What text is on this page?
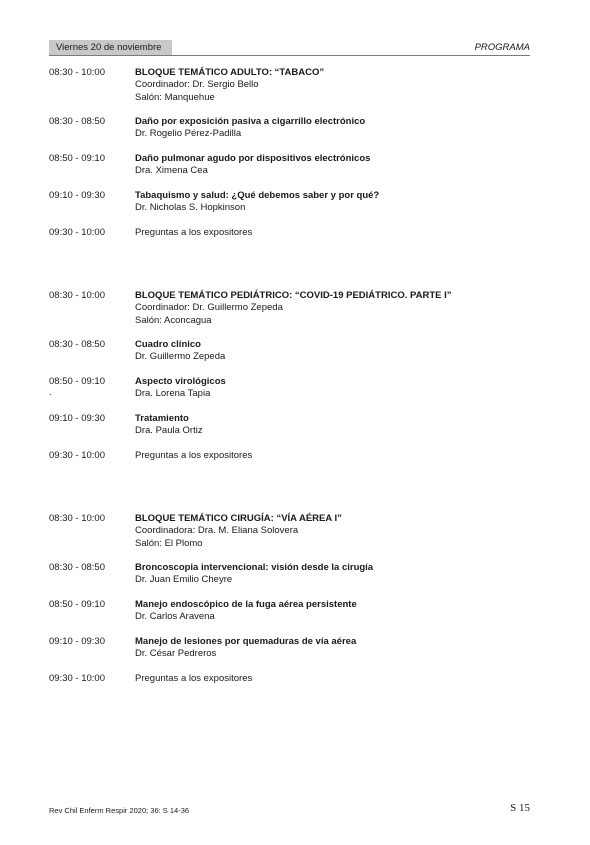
Viernes 20 de noviembre	PROGRAMA
08:30 - 10:00	BLOQUE TEMÁTICO ADULTO: “TABACO”
Coordinador: Dr. Sergio Bello
Salón: Manquehue
08:30 - 08:50	Daño por exposición pasiva a cigarrillo electrónico
Dr. Rogelio Pérez-Padilla
08:50 - 09:10	Daño pulmonar agudo por dispositivos electrónicos
Dra. Ximena Cea
09:10 - 09:30	Tabaquismo y salud: ¿Qué debemos saber y por qué?
Dr. Nicholas S. Hopkinson
09:30 - 10:00	Preguntas a los expositores
08:30 - 10:00	BLOQUE TEMÁTICO PEDIÁTRICO: “COVID-19 PEDIÁTRICO. PARTE I”
Coordinador: Dr. Guillermo Zepeda
Salón: Aconcagua
08:30 - 08:50	Cuadro clínico
Dr. Guillermo Zepeda
08:50 - 09:10	Aspecto virológicos
Dra. Lorena Tapia
09:10 - 09:30	Tratamiento
Dra. Paula Ortiz
09:30 - 10:00	Preguntas a los expositores
08:30 - 10:00	BLOQUE TEMÁTICO CIRUGÍA: “VÍA AÉREA I”
Coordinadora: Dra. M. Eliana Solovera
Salón: El Plomo
08:30 - 08:50	Broncoscopia intervencional: visión desde la cirugía
Dr. Juan Emilio Cheyre
08:50 - 09:10	Manejo endoscópico de la fuga aérea persistente
Dr. Carlos Aravena
09:10 - 09:30	Manejo de lesiones por quemaduras de vía aérea
Dr. César Pedreros
09:30 - 10:00	Preguntas a los expositores
.
Rev Chil Enferm Respir 2020; 36: S 14-36	S 15
